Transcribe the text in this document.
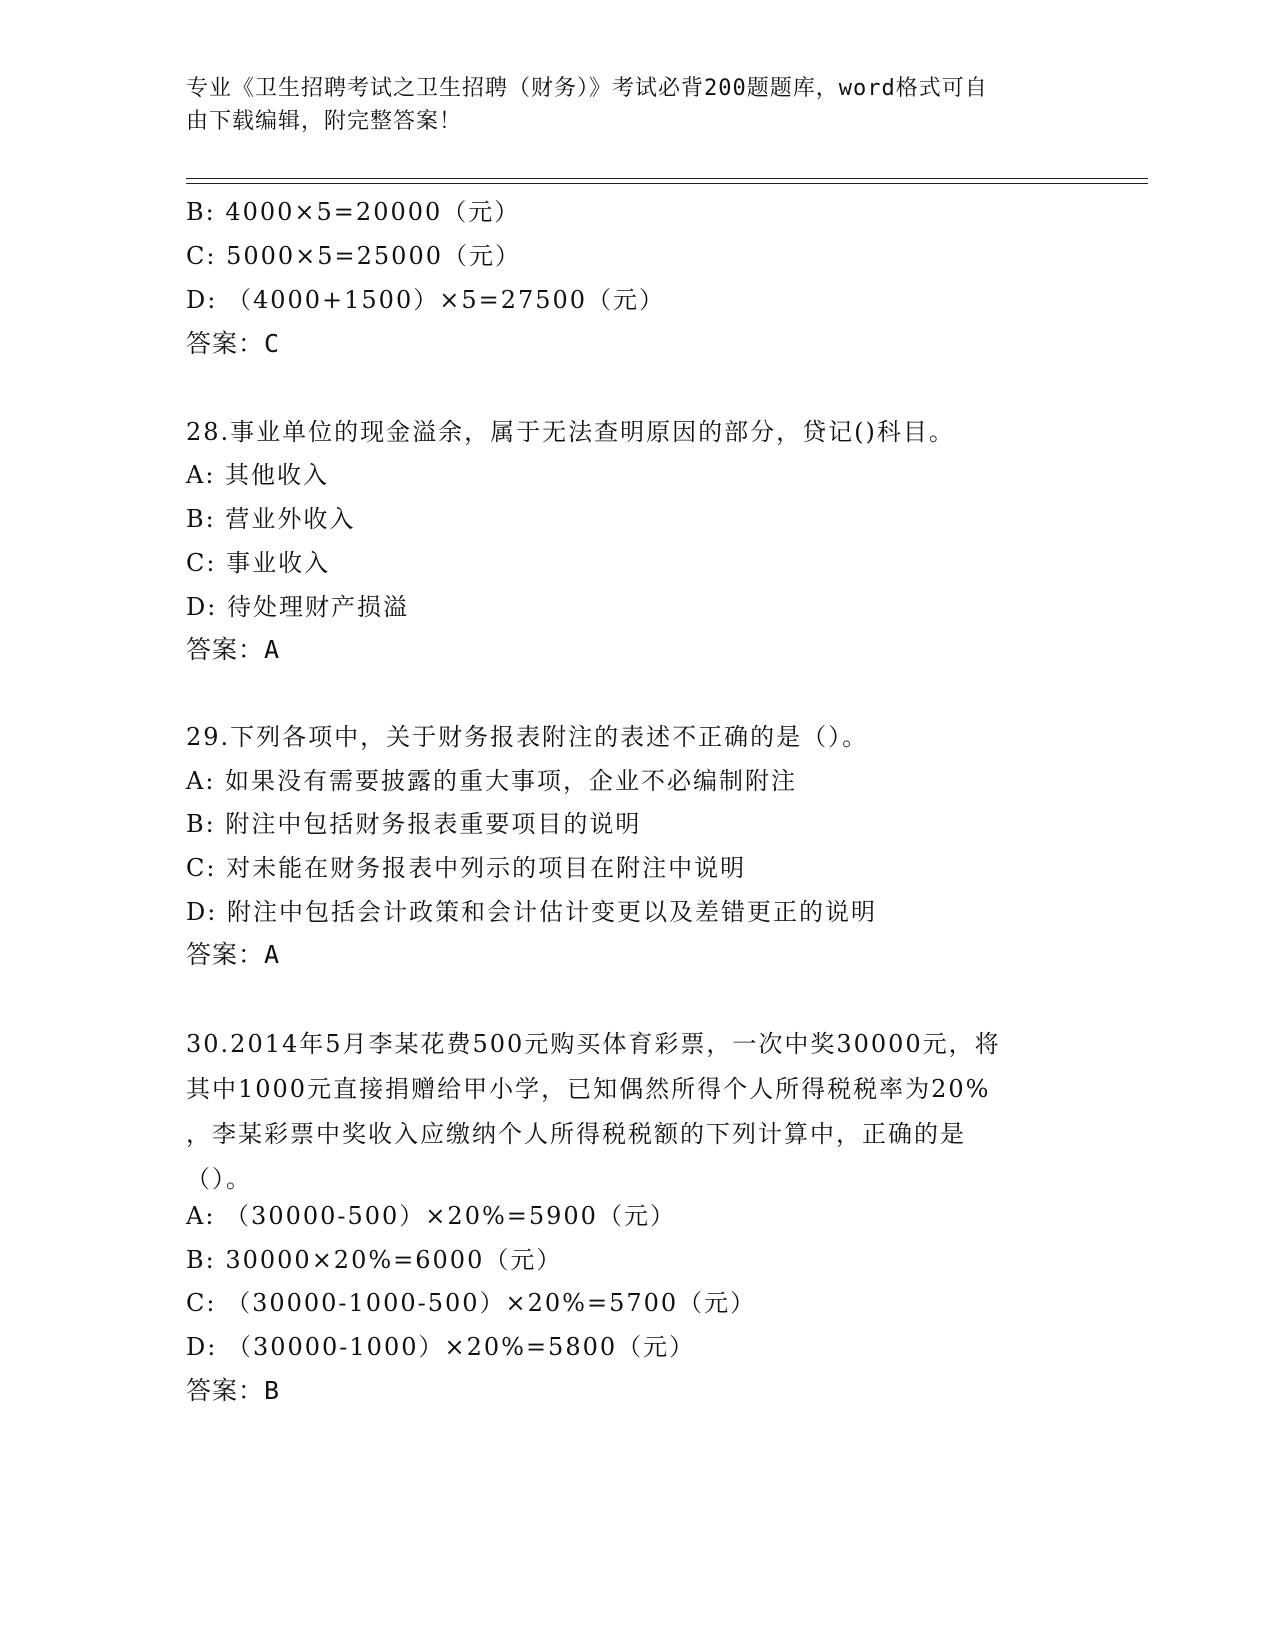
专业《卫生招聘考试之卫生招聘（财务）》考试必背200题题库，word格式可自
由下载编辑，附完整答案！
B: 4000×5=20000（元）
C: 5000×5=25000（元）
D: （4000+1500）×5=27500（元）
答案：C
28.事业单位的现金溢余，属于无法查明原因的部分，贷记()科目。
A: 其他收入
B: 营业外收入
C: 事业收入
D: 待处理财产损溢
答案：A
29.下列各项中，关于财务报表附注的表述不正确的是（）。
A: 如果没有需要披露的重大事项，企业不必编制附注
B: 附注中包括财务报表重要项目的说明
C: 对未能在财务报表中列示的项目在附注中说明
D: 附注中包括会计政策和会计估计变更以及差错更正的说明
答案：A
30.2014年5月李某花费500元购买体育彩票，一次中奖30000元，将
其中1000元直接捐赠给甲小学，已知偶然所得个人所得税税率为20%
，李某彩票中奖收入应缴纳个人所得税税额的下列计算中，正确的是
（）。
A: （30000-500）×20%=5900（元）
B: 30000×20%=6000（元）
C: （30000-1000-500）×20%=5700（元）
D: （30000-1000）×20%=5800（元）
答案：B
